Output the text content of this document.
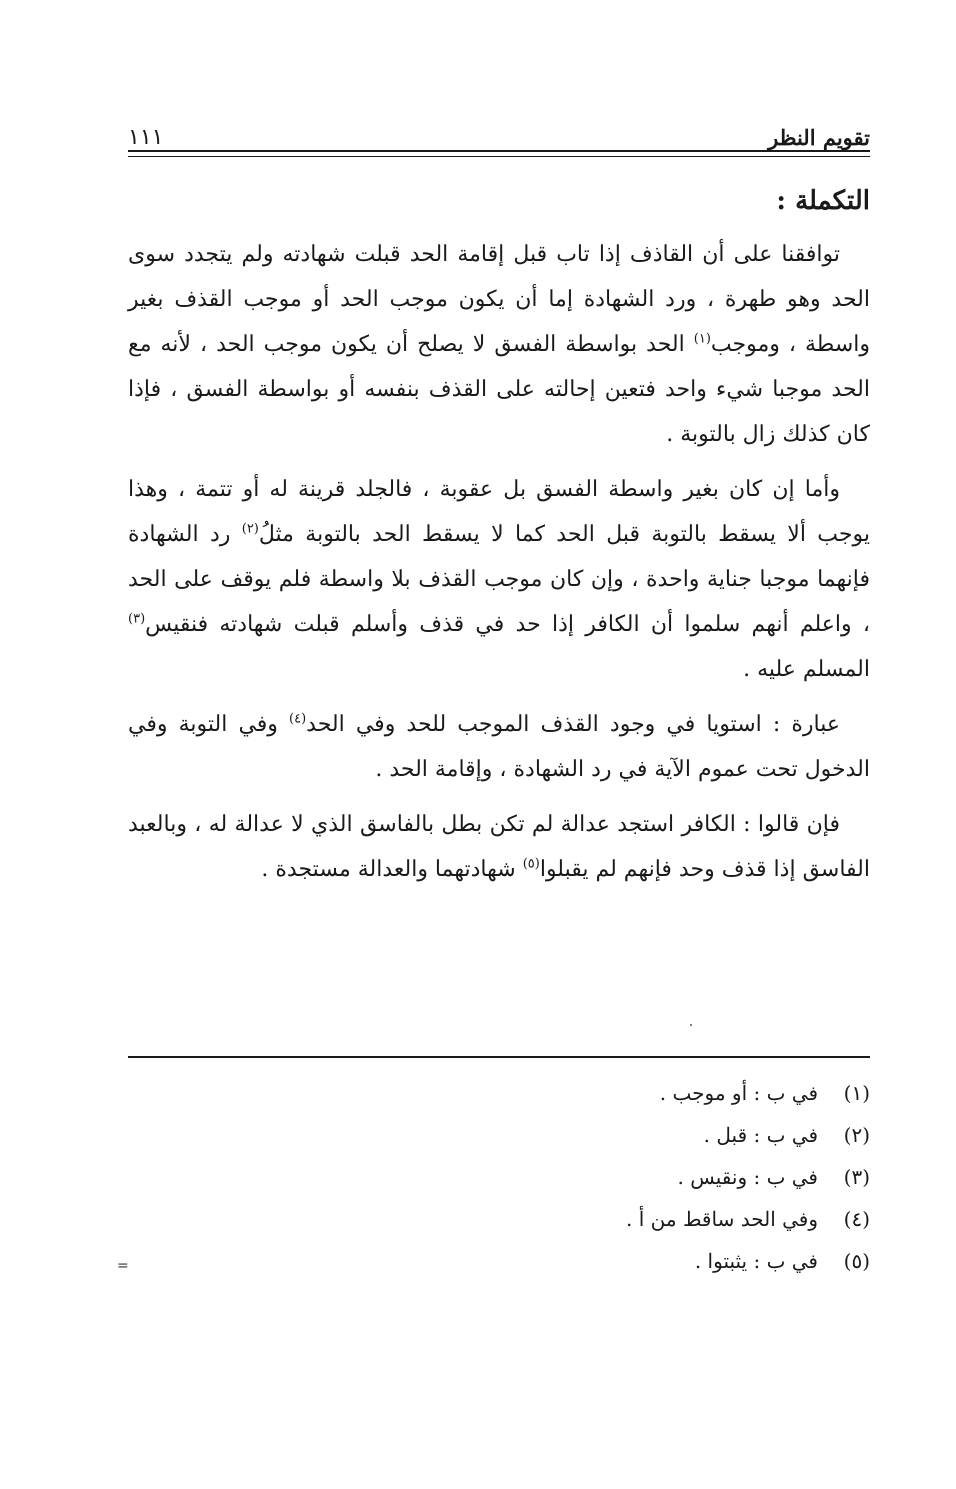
تقويم النظر
١١١
التكملة :

توافقنا على أن القاذف إذا تاب قبل إقامة الحد قبلت شهادته ولم يتجدد سوى الحد وهو طهرة ، ورد الشهادة إما أن يكون موجب الحد أو موجب القذف بغير واسطة ، وموجب$^{(١)}$ الحد بواسطة الفسق لا يصلح أن يكون موجب الحد ، لأنه مع الحد موجبا شيء واحد فتعين إحالته على القذف بنفسه أو بواسطة الفسق ، فإذا كان كذلك زال بالتوبة .

وأما إن كان بغير واسطة الفسق بل عقوبة ، فالجلد قرينة له أو تتمة ، وهذا يوجب ألا يسقط بالتوبة قبل الحد كما لا يسقط الحد بالتوبة مثلُ$^{(٢)}$ رد الشهادة فإنهما موجبا جناية واحدة ، وإن كان موجب القذف بلا واسطة فلم يوقف على الحد ، واعلم أنهم سلموا أن الكافر إذا حد في قذف وأسلم قبلت شهادته فنقيس$^{(٣)}$ المسلم عليه .

عبارة : استويا في وجود القذف الموجب للحد وفي الحد$^{(٤)}$ وفي التوبة وفي الدخول تحت عموم الآية في رد الشهادة ، وإقامة الحد .

فإن قالوا : الكافر استجد عدالة لم تكن بطل بالفاسق الذي لا عدالة له ، وبالعبد الفاسق إذا قذف وحد فإنهم لم يقبلوا$^{(٥)}$ شهادتهما والعدالة مستجدة .

(١)
في ب : أو موجب .
(٢)
في ب : قبل .
(٣)
في ب : ونقيس .
(٤)
وفي الحد ساقط من أ .
(٥)
في ب : يثبتوا .
=
